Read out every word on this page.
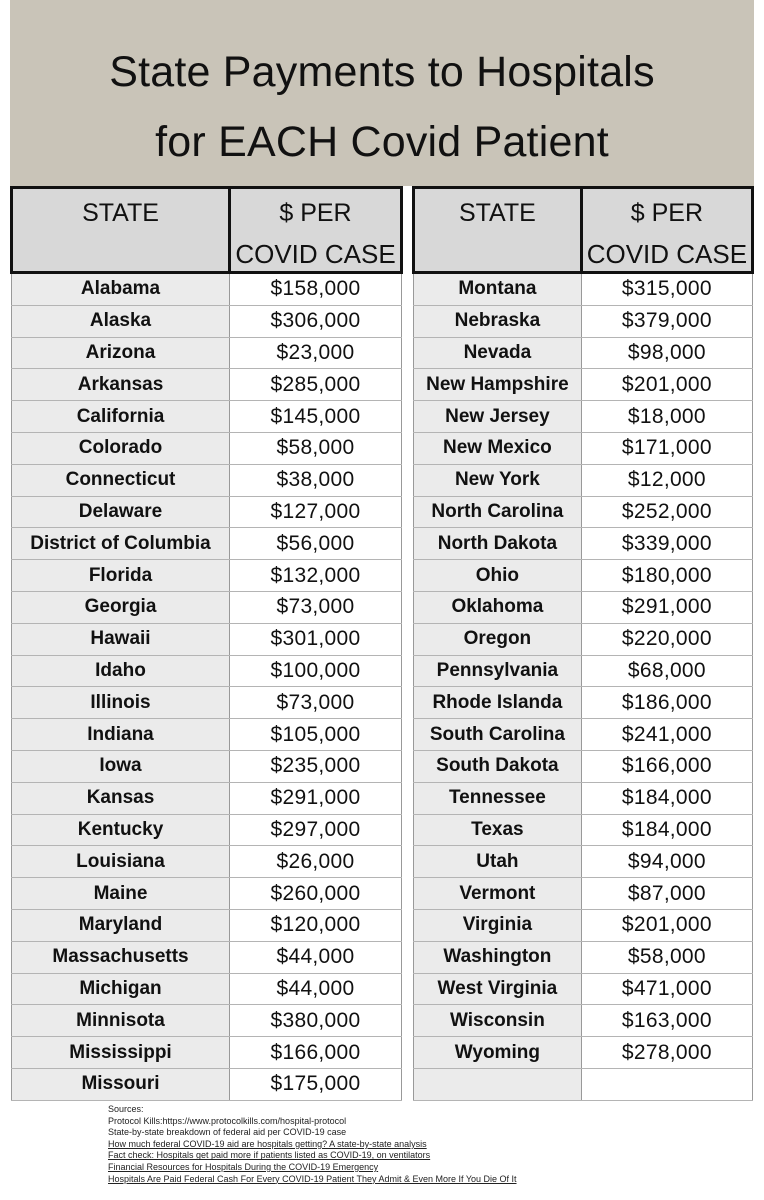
State Payments to Hospitals
for EACH Covid Patient
STATE	$ PER
COVID CASE

Alabama	$158,000
Alaska	$306,000
Arizona	$23,000
Arkansas	$285,000
California	$145,000
Colorado	$58,000
Connecticut	$38,000
Delaware	$127,000
District of Columbia	$56,000
Florida	$132,000
Georgia	$73,000
Hawaii	$301,000
Idaho	$100,000
Illinois	$73,000
Indiana	$105,000
Iowa	$235,000
Kansas	$291,000
Kentucky	$297,000
Louisiana	$26,000
Maine	$260,000
Maryland	$120,000
Massachusetts	$44,000
Michigan	$44,000
Minnisota	$380,000
Mississippi	$166,000
Missouri	$175,000
STATE	$ PER
COVID CASE

Montana	$315,000
Nebraska	$379,000
Nevada	$98,000
New Hampshire	$201,000
New Jersey	$18,000
New Mexico	$171,000
New York	$12,000
North Carolina	$252,000
North Dakota	$339,000
Ohio	$180,000
Oklahoma	$291,000
Oregon	$220,000
Pennsylvania	$68,000
Rhode Islanda	$186,000
South Carolina	$241,000
South Dakota	$166,000
Tennessee	$184,000
Texas	$184,000
Utah	$94,000
Vermont	$87,000
Virginia	$201,000
Washington	$58,000
West Virginia	$471,000
Wisconsin	$163,000
Wyoming	$278,000

Sources:
Protocol Kills:https://www.protocolkills.com/hospital-protocol
State-by-state breakdown of federal aid per COVID-19 case
How much federal COVID-19 aid are hospitals getting? A state-by-state analysis
Fact check: Hospitals get paid more if patients listed as COVID-19, on ventilators
Financial Resources for Hospitals During the COVID-19 Emergency
Hospitals Are Paid Federal Cash For Every COVID-19 Patient They Admit & Even More If You Die Of It
